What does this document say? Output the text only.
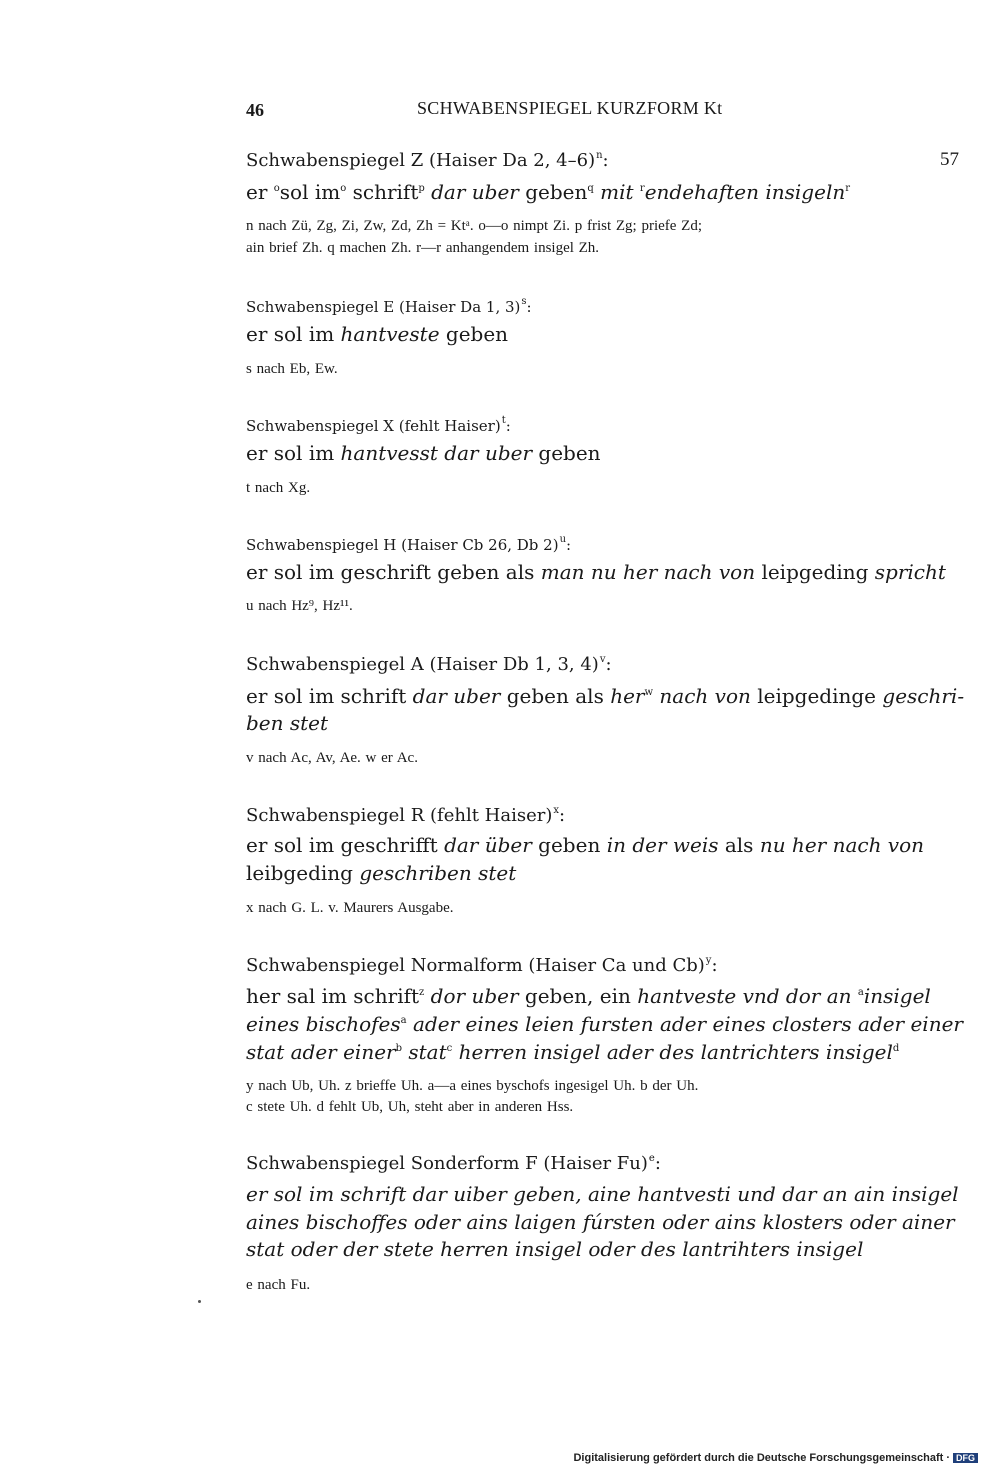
46	SCHWABENSPIEGEL KURZFORM Kt
57
Schwabenspiegel Z (Haiser Da 2, 4–6)$^n$:
er $^o$sol $im^o$ schrift$^p$ dar uber geben$^q$ mit $^r$endehaften insigeln$^r$
n nach Zü, Zg, Zi, Zw, Zd, Zh = Ktᵃ. o—o nimpt Zi. p frist Zg; priefe Zd;
ain brief Zh. q machen Zh. r—r anhangendem insigel Zh.
Schwabenspiegel E (Haiser Da 1, 3)$^s$:
er sol im hantveste geben
s nach Eb, Ew.
Schwabenspiegel X (fehlt Haiser)$^t$:
er sol im hantvesst dar uber geben
t nach Xg.
Schwabenspiegel H (Haiser Cb 26, Db 2)$^u$:
er sol im geschrift geben als man nu her nach von leipgeding spricht
u nach Hz⁹, Hz¹¹.
Schwabenspiegel A (Haiser Db 1, 3, 4)$^v$:
er sol im schrift dar uber geben als her$^w$ nach von leipgedinge geschri-
ben stet
v nach Ac, Av, Ae. w er Ac.
Schwabenspiegel R (fehlt Haiser)$^x$:
er sol im geschrifft dar über geben in der weis als nu her nach von
leibgeding geschriben stet
x nach G. L. v. Maurers Ausgabe.
Schwabenspiegel Normalform (Haiser Ca und Cb)$^y$:
her sal im schrift$^z$ dor uber geben, ein hantveste vnd dor an $^a$insigel
eines bischofes$^a$ ader eines leien fursten ader eines closters ader einer
stat ader einer$^b$ stat$^c$ herren insigel ader des lantrichters insigel$^d$
y nach Ub, Uh. z brieffe Uh. a—a eines byschofs ingesigel Uh. b der Uh.
c stete Uh. d fehlt Ub, Uh, steht aber in anderen Hss.
Schwabenspiegel Sonderform F (Haiser Fu)$^e$:
er sol im schrift dar uiber geben, aine hantvesti und dar an ain insigel
aines bischoffes oder ains laigen fúrsten oder ains klosters oder ainer
stat oder der stete herren insigel oder des lantrihters insigel
e nach Fu.
Digitalisierung gefördert durch die Deutsche Forschungsgemeinschaft · DFG
